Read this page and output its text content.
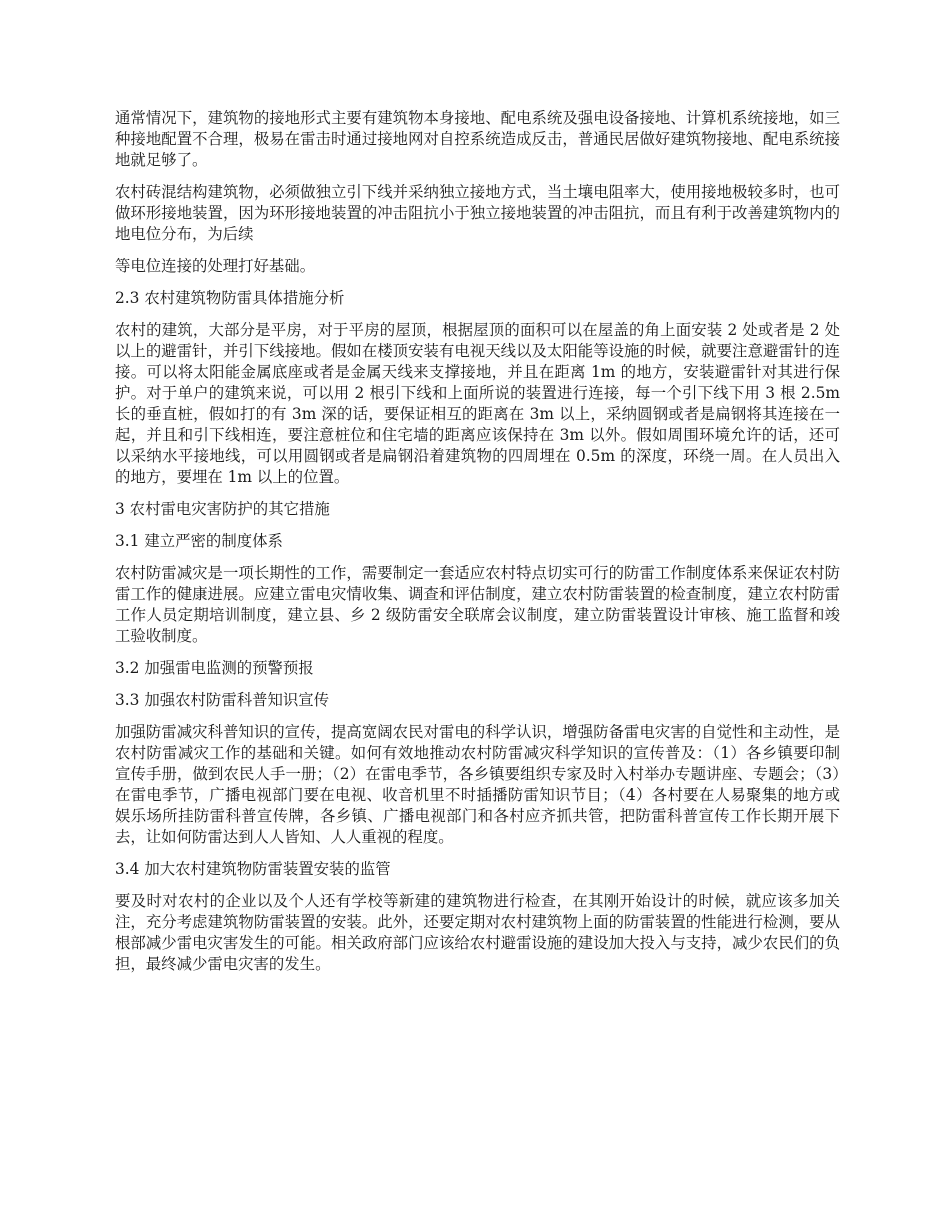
通常情况下，建筑物的接地形式主要有建筑物本身接地、配电系统及强电设备接地、计算机系统接地，如三种接地配置不合理，极易在雷击时通过接地网对自控系统造成反击，普通民居做好建筑物接地、配电系统接地就足够了。

农村砖混结构建筑物，必须做独立引下线并采纳独立接地方式，当土壤电阻率大，使用接地极较多时，也可做环形接地装置，因为环形接地装置的冲击阻抗小于独立接地装置的冲击阻抗，而且有利于改善建筑物内的地电位分布，为后续

等电位连接的处理打好基础。

2.3 农村建筑物防雷具体措施分析

农村的建筑，大部分是平房，对于平房的屋顶，根据屋顶的面积可以在屋盖的角上面安装 2 处或者是 2 处以上的避雷针，并引下线接地。假如在楼顶安装有电视天线以及太阳能等设施的时候，就要注意避雷针的连接。可以将太阳能金属底座或者是金属天线来支撑接地，并且在距离 1m 的地方，安装避雷针对其进行保护。对于单户的建筑来说，可以用 2 根引下线和上面所说的装置进行连接，每一个引下线下用 3 根 2.5m 长的垂直桩，假如打的有 3m 深的话，要保证相互的距离在 3m 以上，采纳圆钢或者是扁钢将其连接在一起，并且和引下线相连，要注意桩位和住宅墙的距离应该保持在 3m 以外。假如周围环境允许的话，还可以采纳水平接地线，可以用圆钢或者是扁钢沿着建筑物的四周埋在 0.5m 的深度，环绕一周。在人员出入的地方，要埋在 1m 以上的位置。

3 农村雷电灾害防护的其它措施

3.1 建立严密的制度体系

农村防雷减灾是一项长期性的工作，需要制定一套适应农村特点切实可行的防雷工作制度体系来保证农村防雷工作的健康进展。应建立雷电灾情收集、调查和评估制度，建立农村防雷装置的检查制度，建立农村防雷工作人员定期培训制度，建立县、乡 2 级防雷安全联席会议制度，建立防雷装置设计审核、施工监督和竣工验收制度。

3.2 加强雷电监测的预警预报

3.3 加强农村防雷科普知识宣传

加强防雷减灾科普知识的宣传，提高宽阔农民对雷电的科学认识，增强防备雷电灾害的自觉性和主动性，是农村防雷减灾工作的基础和关键。如何有效地推动农村防雷减灾科学知识的宣传普及：（1）各乡镇要印制宣传手册，做到农民人手一册；（2）在雷电季节，各乡镇要组织专家及时入村举办专题讲座、专题会；（3）在雷电季节，广播电视部门要在电视、收音机里不时插播防雷知识节目；（4）各村要在人易聚集的地方或娱乐场所挂防雷科普宣传牌，各乡镇、广播电视部门和各村应齐抓共管，把防雷科普宣传工作长期开展下去，让如何防雷达到人人皆知、人人重视的程度。

3.4 加大农村建筑物防雷装置安装的监管

要及时对农村的企业以及个人还有学校等新建的建筑物进行检查，在其刚开始设计的时候，就应该多加关注，充分考虑建筑物防雷装置的安装。此外，还要定期对农村建筑物上面的防雷装置的性能进行检测，要从根部减少雷电灾害发生的可能。相关政府部门应该给农村避雷设施的建设加大投入与支持，减少农民们的负担，最终减少雷电灾害的发生。
